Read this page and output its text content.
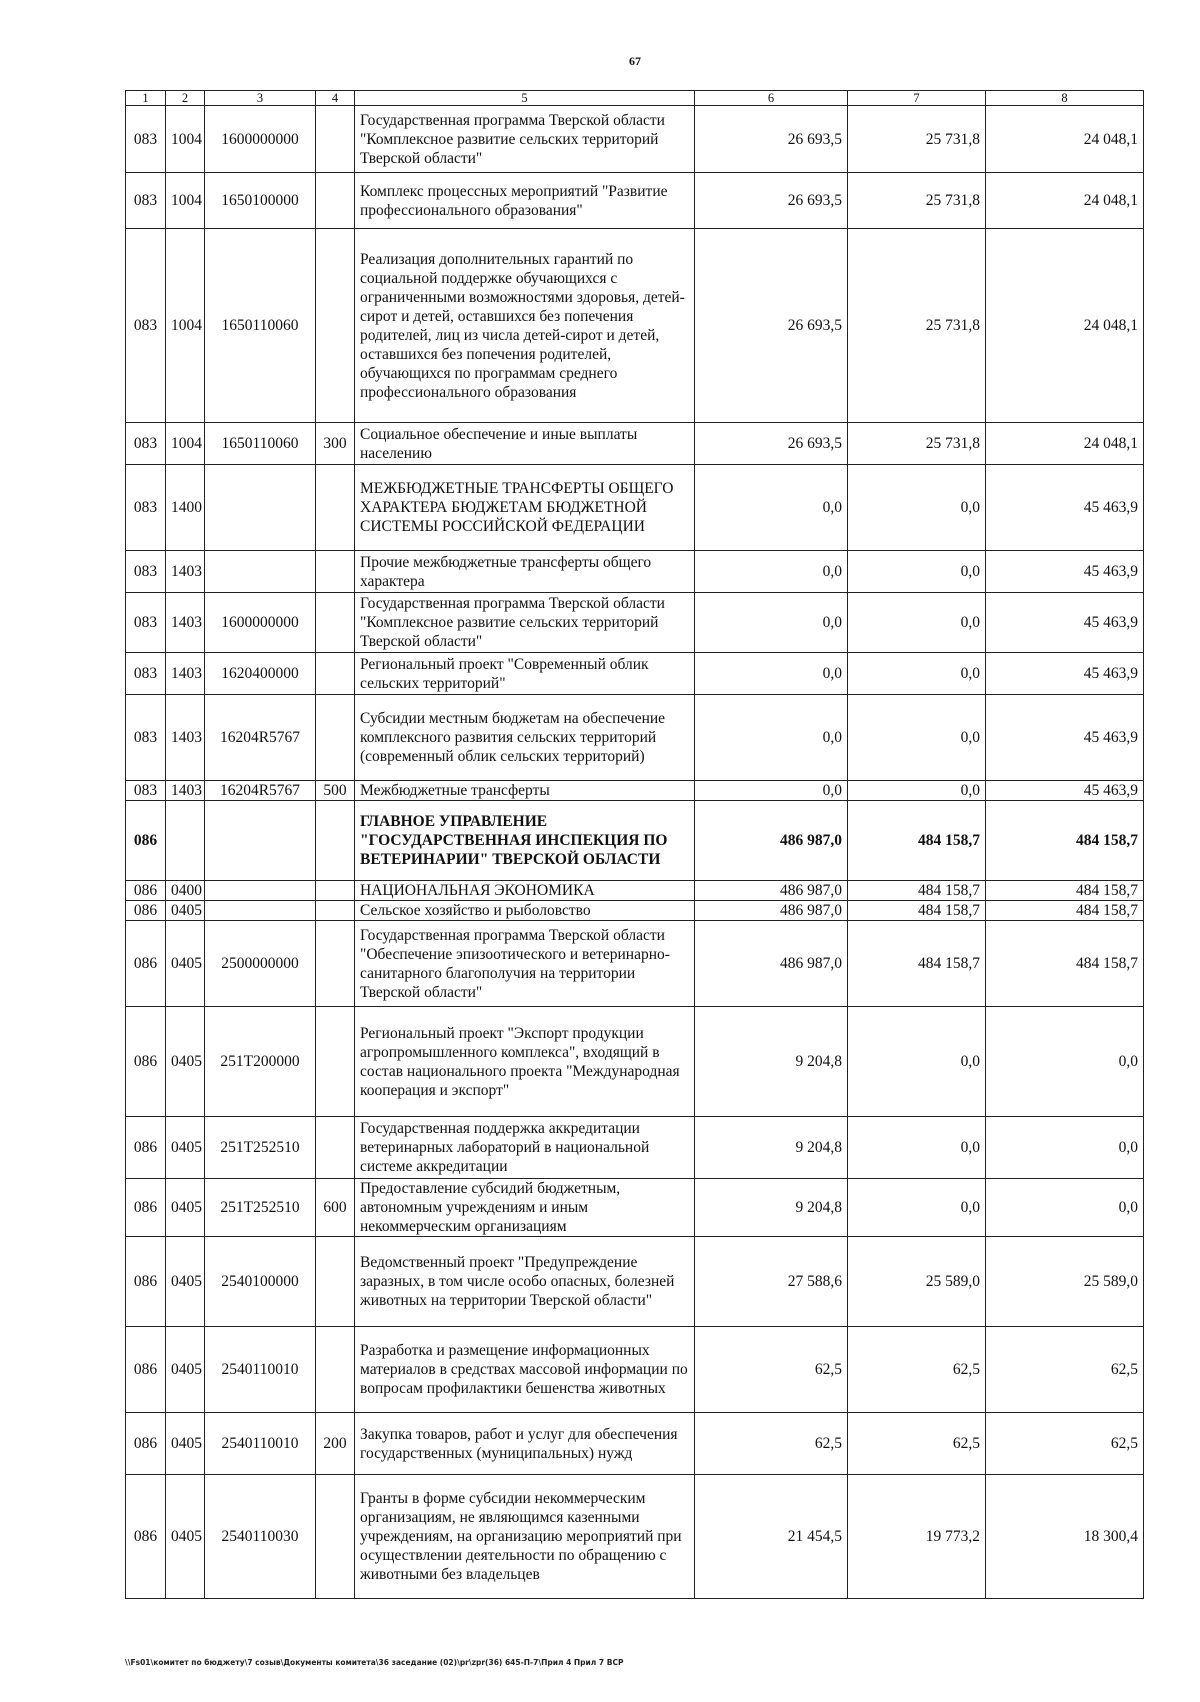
67
1	2	3	4	5	6	7	8
083	1004	1600000000		Государственная программа Тверской области "Комплексное развитие сельских территорий Тверской области"	26 693,5	25 731,8	24 048,1
083	1004	1650100000		Комплекс процессных мероприятий "Развитие профессионального образования"	26 693,5	25 731,8	24 048,1
083	1004	1650110060		Реализация дополнительных гарантий по социальной поддержке обучающихся с ограниченными возможностями здоровья, детей-сирот и детей, оставшихся без попечения родителей, лиц из числа детей-сирот и детей, оставшихся без попечения родителей, обучающихся по программам среднего профессионального образования	26 693,5	25 731,8	24 048,1
083	1004	1650110060	300	Социальное обеспечение и иные выплаты населению	26 693,5	25 731,8	24 048,1
083	1400			МЕЖБЮДЖЕТНЫЕ ТРАНСФЕРТЫ ОБЩЕГО ХАРАКТЕРА БЮДЖЕТАМ БЮДЖЕТНОЙ СИСТЕМЫ РОССИЙСКОЙ ФЕДЕРАЦИИ	0,0	0,0	45 463,9
083	1403			Прочие межбюджетные трансферты общего характера	0,0	0,0	45 463,9
083	1403	1600000000		Государственная программа Тверской области "Комплексное развитие сельских территорий Тверской области"	0,0	0,0	45 463,9
083	1403	1620400000		Региональный проект "Современный облик сельских территорий"	0,0	0,0	45 463,9
083	1403	16204R5767		Субсидии местным бюджетам на обеспечение комплексного развития сельских территорий (современный облик сельских территорий)	0,0	0,0	45 463,9
083	1403	16204R5767	500	Межбюджетные трансферты	0,0	0,0	45 463,9
086				ГЛАВНОЕ УПРАВЛЕНИЕ "ГОСУДАРСТВЕННАЯ ИНСПЕКЦИЯ ПО ВЕТЕРИНАРИИ" ТВЕРСКОЙ ОБЛАСТИ	486 987,0	484 158,7	484 158,7
086	0400			НАЦИОНАЛЬНАЯ ЭКОНОМИКА	486 987,0	484 158,7	484 158,7
086	0405			Сельское хозяйство и рыболовство	486 987,0	484 158,7	484 158,7
086	0405	2500000000		Государственная программа Тверской области "Обеспечение эпизоотического и ветеринарно-санитарного благополучия на территории Тверской области"	486 987,0	484 158,7	484 158,7
086	0405	251Т200000		Региональный проект "Экспорт продукции агропромышленного комплекса", входящий в состав национального проекта "Международная кооперация и экспорт"	9 204,8	0,0	0,0
086	0405	251Т252510		Государственная поддержка аккредитации ветеринарных лабораторий в национальной системе аккредитации	9 204,8	0,0	0,0
086	0405	251Т252510	600	Предоставление субсидий бюджетным, автономным учреждениям и иным некоммерческим организациям	9 204,8	0,0	0,0
086	0405	2540100000		Ведомственный проект "Предупреждение заразных, в том числе особо опасных, болезней животных на территории Тверской области"	27 588,6	25 589,0	25 589,0
086	0405	2540110010		Разработка и размещение информационных материалов в средствах массовой информации по вопросам профилактики бешенства животных	62,5	62,5	62,5
086	0405	2540110010	200	Закупка товаров, работ и услуг для обеспечения государственных (муниципальных) нужд	62,5	62,5	62,5
086	0405	2540110030		Гранты в форме субсидии некоммерческим организациям, не являющимся казенными учреждениям, на организацию мероприятий при осуществлении деятельности по обращению с животными без владельцев	21 454,5	19 773,2	18 300,4
\\Fs01\комитет по бюджету\7 созыв\Документы комитета\36 заседание (02)\pr\zpr(36) 645-П-7\Прил 4 Прил 7 ВСР
